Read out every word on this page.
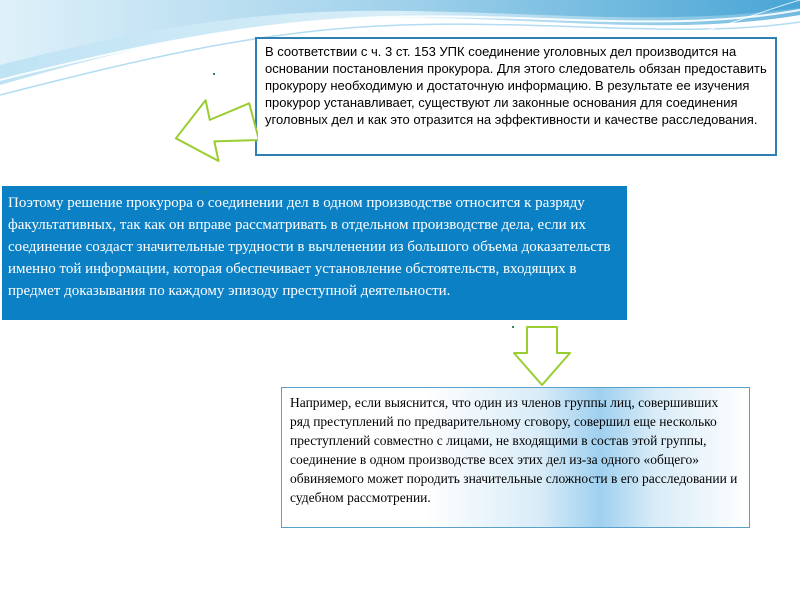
В соответствии с ч. 3 ст. 153 УПК соединение уголовных дел производится на основании постановления прокурора. Для этого следователь обязан предоставить прокурору необходимую и достаточную информацию. В результате ее изучения прокурор устанавливает, существуют ли законные основания для соединения уголовных дел и как это отразится на эффективности и качестве расследования.
Поэтому решение прокурора о соединении дел в одном производстве относится к разряду факультативных, так как он вправе рассматривать в отдельном производстве дела, если их соединение создаст значительные трудности в вычленении из большого объема доказательств именно той информации, которая обеспечивает установление обстоятельств, входящих в предмет доказывания по каждому эпизоду преступной деятельности.
Например, если выяснится, что один из членов группы лиц, совершивших ряд преступлений по предварительному сговору, совершил еще несколько преступлений совместно с лицами, не входящими в состав этой группы, соединение в одном производстве всех этих дел из-за одного «общего» обвиняемого может породить значительные сложности в его расследовании и судебном рассмотрении.
